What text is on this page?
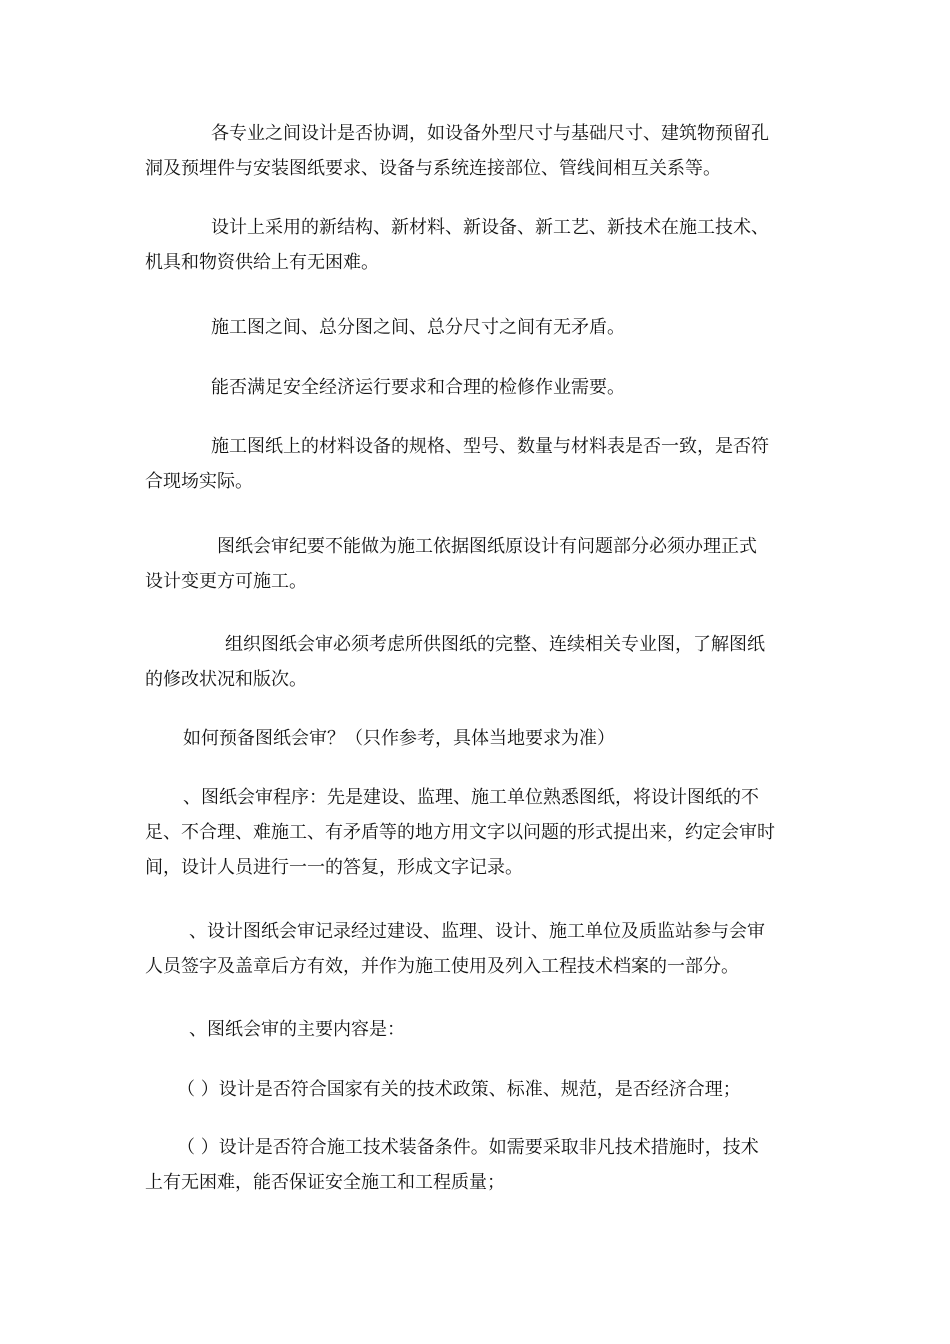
各专业之间设计是否协调，如设备外型尺寸与基础尺寸、建筑物预留孔
洞及预埋件与安装图纸要求、设备与系统连接部位、管线间相互关系等。
设计上采用的新结构、新材料、新设备、新工艺、新技术在施工技术、
机具和物资供给上有无困难。
施工图之间、总分图之间、总分尺寸之间有无矛盾。
能否满足安全经济运行要求和合理的检修作业需要。
施工图纸上的材料设备的规格、型号、数量与材料表是否一致，是否符
合现场实际。
图纸会审纪要不能做为施工依据图纸原设计有问题部分必须办理正式
设计变更方可施工。
组织图纸会审必须考虑所供图纸的完整、连续相关专业图，了解图纸
的修改状况和版次。
如何预备图纸会审？（只作参考，具体当地要求为准）
、图纸会审程序：先是建设、监理、施工单位熟悉图纸，将设计图纸的不
足、不合理、难施工、有矛盾等的地方用文字以问题的形式提出来，约定会审时
间，设计人员进行一一的答复，形成文字记录。
、设计图纸会审记录经过建设、监理、设计、施工单位及质监站参与会审
人员签字及盖章后方有效，并作为施工使用及列入工程技术档案的一部分。
、图纸会审的主要内容是：
（ ）设计是否符合国家有关的技术政策、标准、规范，是否经济合理；
（ ）设计是否符合施工技术装备条件。如需要采取非凡技术措施时，技术
上有无困难，能否保证安全施工和工程质量；
